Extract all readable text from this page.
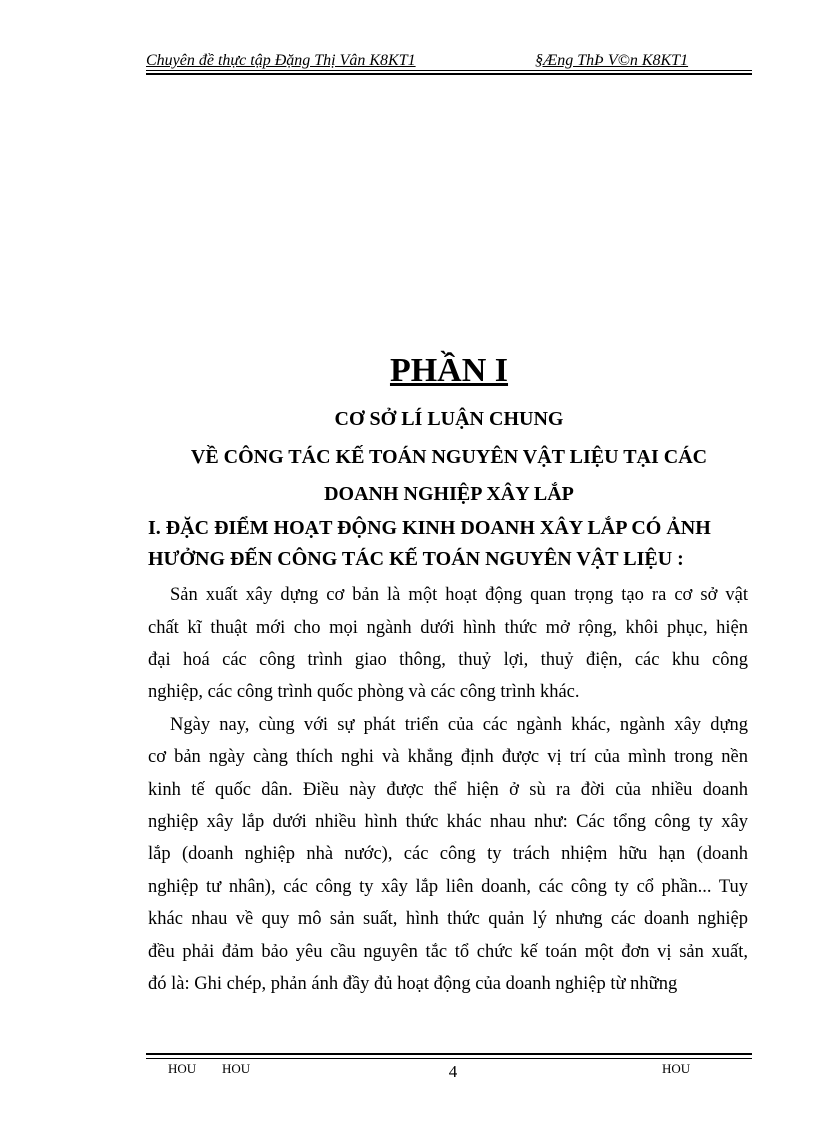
Chuyên đề thực tập Đặng Thị Vân K8KT1	§Æng ThÞ V©n K8KT1
PHẦN I
CƠ SỞ LÍ LUẬN CHUNG
VỀ CÔNG TÁC KẾ TOÁN NGUYÊN VẬT LIỆU TẠI CÁC
DOANH NGHIỆP XÂY LẮP
I. ĐẶC ĐIỂM HOẠT ĐỘNG KINH DOANH XÂY LẮP CÓ ẢNH
HƯỞNG ĐẾN CÔNG TÁC KẾ TOÁN NGUYÊN VẬT LIỆU :
Sản xuất xây dựng cơ bản là một hoạt động quan trọng tạo ra cơ sở vật
chất kĩ thuật mới cho mọi ngành dưới hình thức mở rộng, khôi phục, hiện
đại hoá các công trình giao thông, thuỷ lợi, thuỷ điện, các khu công
nghiệp, các công trình quốc phòng và các công trình khác.
Ngày nay, cùng với sự phát triển của các ngành khác, ngành xây dựng
cơ bản ngày càng thích nghi và khẳng định được vị trí của mình trong nền
kinh tế quốc dân. Điều này được thể hiện ở sù ra đời của nhiều doanh
nghiệp xây lắp dưới nhiều hình thức khác nhau như: Các tổng công ty xây
lắp (doanh nghiệp nhà nước), các công ty trách nhiệm hữu hạn (doanh
nghiệp tư nhân), các công ty xây lắp liên doanh, các công ty cổ phần... Tuy
khác nhau về quy mô sản suất, hình thức quản lý nhưng các doanh nghiệp
đều phải đảm bảo yêu cầu nguyên tắc tổ chức kế toán một đơn vị sản xuất,
đó là: Ghi chép, phản ánh đầy đủ hoạt động của doanh nghiệp từ những
HOU HOU	4	HOU
